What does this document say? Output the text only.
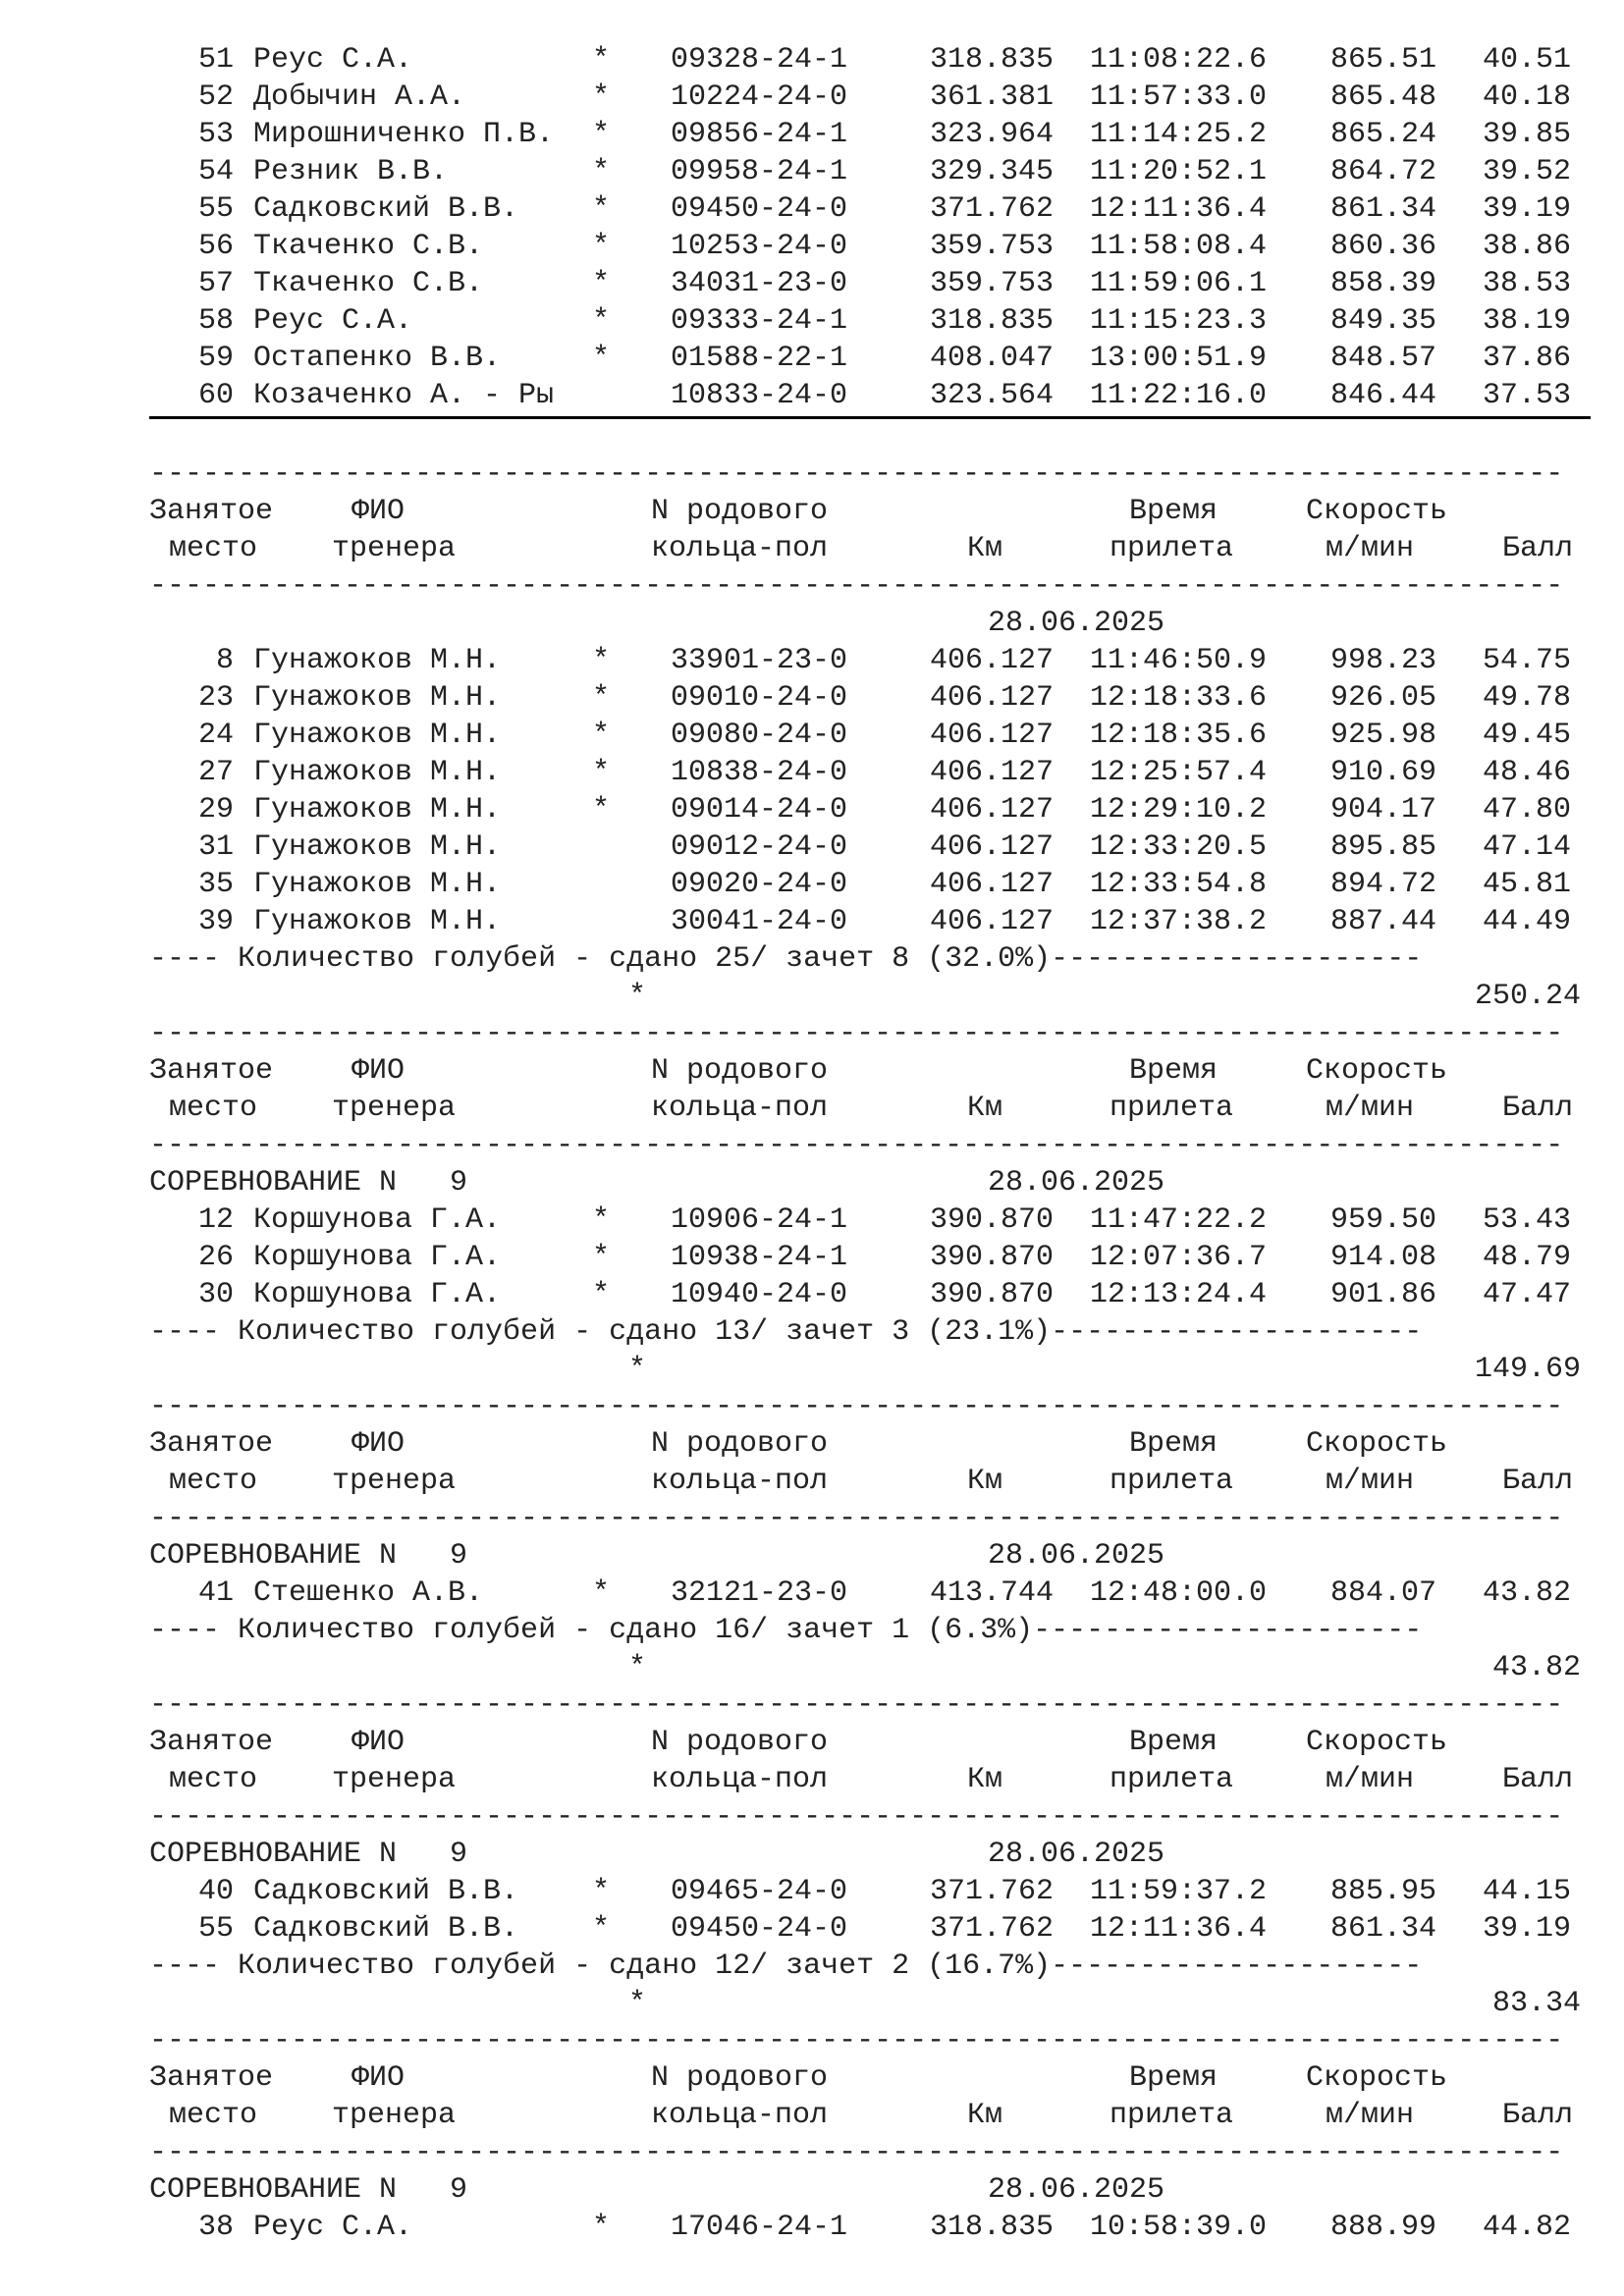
51 Реус С.А.	* 09328-24-1	318.835 11:08:22.6 865.51 40.51
52 Добычин А.А.	* 10224-24-0	361.381 11:57:33.0 865.48 40.18
53 Мирошниченко П.В. * 09856-24-1	323.964 11:14:25.2 865.24 39.85
54 Резник В.В.	* 09958-24-1	329.345 11:20:52.1 864.72 39.52
55 Садковский В.В. * 09450-24-0	371.762 12:11:36.4 861.34 39.19
56 Ткаченко С.В.	* 10253-24-0	359.753 11:58:08.4 860.36 38.86
57 Ткаченко С.В.	* 34031-23-0	359.753 11:59:06.1 858.39 38.53
58 Реус С.А.	* 09333-24-1	318.835 11:15:23.3 849.35 38.19
59 Остапенко В.В.	* 01588-22-1	408.047 13:00:51.9 848.57 37.86
60 Козаченко А. - Ры	10833-24-0	323.564 11:22:16.0 846.44 37.53
--------------------------------------------------------------------------------
Занятое	ФИО	N родового	Время	Скорость
место	тренера	кольца-пол	Км	прилета	м/мин	Балл
--------------------------------------------------------------------------------
28.06.2025
8 Гунажоков М.Н.	* 33901-23-0	406.127 11:46:50.9 998.23 54.75
23 Гунажоков М.Н.	* 09010-24-0	406.127 12:18:33.6 926.05 49.78
24 Гунажоков М.Н.	* 09080-24-0	406.127 12:18:35.6 925.98 49.45
27 Гунажоков М.Н.	* 10838-24-0	406.127 12:25:57.4 910.69 48.46
29 Гунажоков М.Н.	* 09014-24-0	406.127 12:29:10.2 904.17 47.80
31 Гунажоков М.Н.	09012-24-0	406.127 12:33:20.5 895.85 47.14
35 Гунажоков М.Н.	09020-24-0	406.127 12:33:54.8 894.72 45.81
39 Гунажоков М.Н.	30041-24-0	406.127 12:37:38.2 887.44 44.49
---- Количество голубей - сдано 25/ зачет 8 (32.0%)---------------------
*	250.24
--------------------------------------------------------------------------------
Занятое	ФИО	N родового	Время	Скорость
место	тренера	кольца-пол	Км	прилета	м/мин	Балл
--------------------------------------------------------------------------------
СОРЕВНОВАНИЕ N   9	28.06.2025
12 Коршунова Г.А.	* 10906-24-1	390.870 11:47:22.2 959.50 53.43
26 Коршунова Г.А.	* 10938-24-1	390.870 12:07:36.7 914.08 48.79
30 Коршунова Г.А.	* 10940-24-0	390.870 12:13:24.4 901.86 47.47
---- Количество голубей - сдано 13/ зачет 3 (23.1%)---------------------
*	149.69
--------------------------------------------------------------------------------
Занятое	ФИО	N родового	Время	Скорость
место	тренера	кольца-пол	Км	прилета	м/мин	Балл
--------------------------------------------------------------------------------
СОРЕВНОВАНИЕ N   9	28.06.2025
41 Стешенко А.В.	* 32121-23-0	413.744 12:48:00.0 884.07 43.82
---- Количество голубей - сдано 16/ зачет 1 (6.3%)----------------------
*	43.82
--------------------------------------------------------------------------------
Занятое	ФИО	N родового	Время	Скорость
место	тренера	кольца-пол	Км	прилета	м/мин	Балл
--------------------------------------------------------------------------------
СОРЕВНОВАНИЕ N   9	28.06.2025
40 Садковский В.В. * 09465-24-0	371.762 11:59:37.2 885.95 44.15
55 Садковский В.В. * 09450-24-0	371.762 12:11:36.4 861.34 39.19
---- Количество голубей - сдано 12/ зачет 2 (16.7%)---------------------
*	83.34
--------------------------------------------------------------------------------
Занятое	ФИО	N родового	Время	Скорость
место	тренера	кольца-пол	Км	прилета	м/мин	Балл
--------------------------------------------------------------------------------
СОРЕВНОВАНИЕ N   9	28.06.2025
38 Реус С.А.	* 17046-24-1	318.835 10:58:39.0 888.99 44.82
